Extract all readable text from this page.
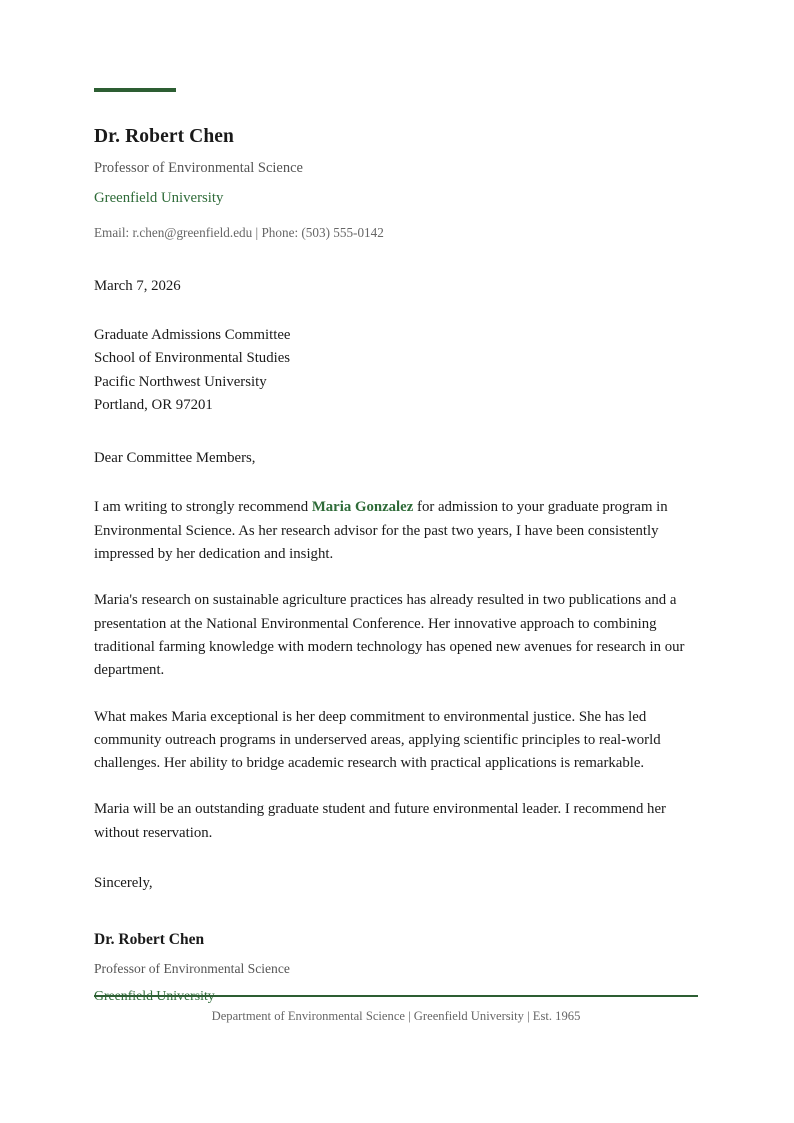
Dr. Robert Chen
Professor of Environmental Science
Greenfield University
Email: r.chen@greenfield.edu | Phone: (503) 555-0142
March 7, 2026
Graduate Admissions Committee
School of Environmental Studies
Pacific Northwest University
Portland, OR 97201
Dear Committee Members,

I am writing to strongly recommend Maria Gonzalez for admission to your graduate program in Environmental Science. As her research advisor for the past two years, I have been consistently impressed by her dedication and insight.

Maria's research on sustainable agriculture practices has already resulted in two publications and a presentation at the National Environmental Conference. Her innovative approach to combining traditional farming knowledge with modern technology has opened new avenues for research in our department.

What makes Maria exceptional is her deep commitment to environmental justice. She has led community outreach programs in underserved areas, applying scientific principles to real-world challenges. Her ability to bridge academic research with practical applications is remarkable.

Maria will be an outstanding graduate student and future environmental leader. I recommend her without reservation.

Sincerely,
Dr. Robert Chen
Professor of Environmental Science
Department of Environmental Science | Greenfield University | Est. 1965
